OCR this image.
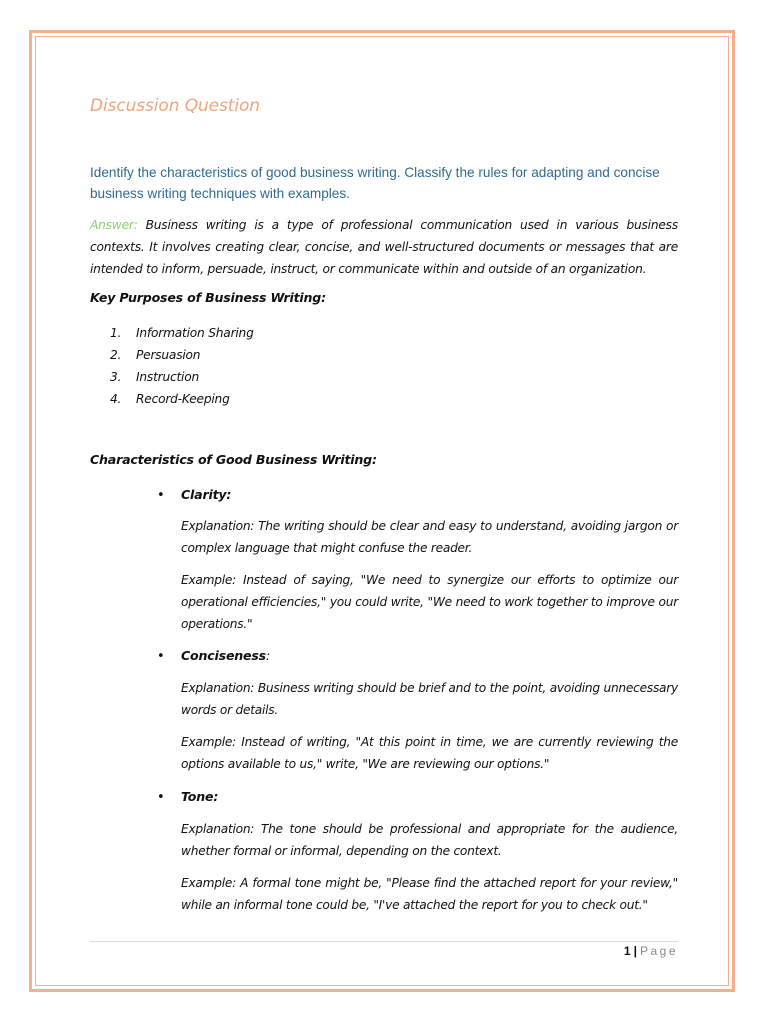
Discussion Question
Identify the characteristics of good business writing. Classify the rules for adapting and concise business writing techniques with examples.
Answer: Business writing is a type of professional communication used in various business contexts. It involves creating clear, concise, and well-structured documents or messages that are intended to inform, persuade, instruct, or communicate within and outside of an organization.
Key Purposes of Business Writing:
1. Information Sharing
2. Persuasion
3. Instruction
4. Record-Keeping
Characteristics of Good Business Writing:
• Clarity:
Explanation: The writing should be clear and easy to understand, avoiding jargon or complex language that might confuse the reader.
Example: Instead of saying, "We need to synergize our efforts to optimize our operational efficiencies," you could write, "We need to work together to improve our operations."
• Conciseness:
Explanation: Business writing should be brief and to the point, avoiding unnecessary words or details.
Example: Instead of writing, "At this point in time, we are currently reviewing the options available to us," write, "We are reviewing our options."
• Tone:
Explanation: The tone should be professional and appropriate for the audience, whether formal or informal, depending on the context.
Example: A formal tone might be, "Please find the attached report for your review," while an informal tone could be, "I've attached the report for you to check out."
1 | Page
